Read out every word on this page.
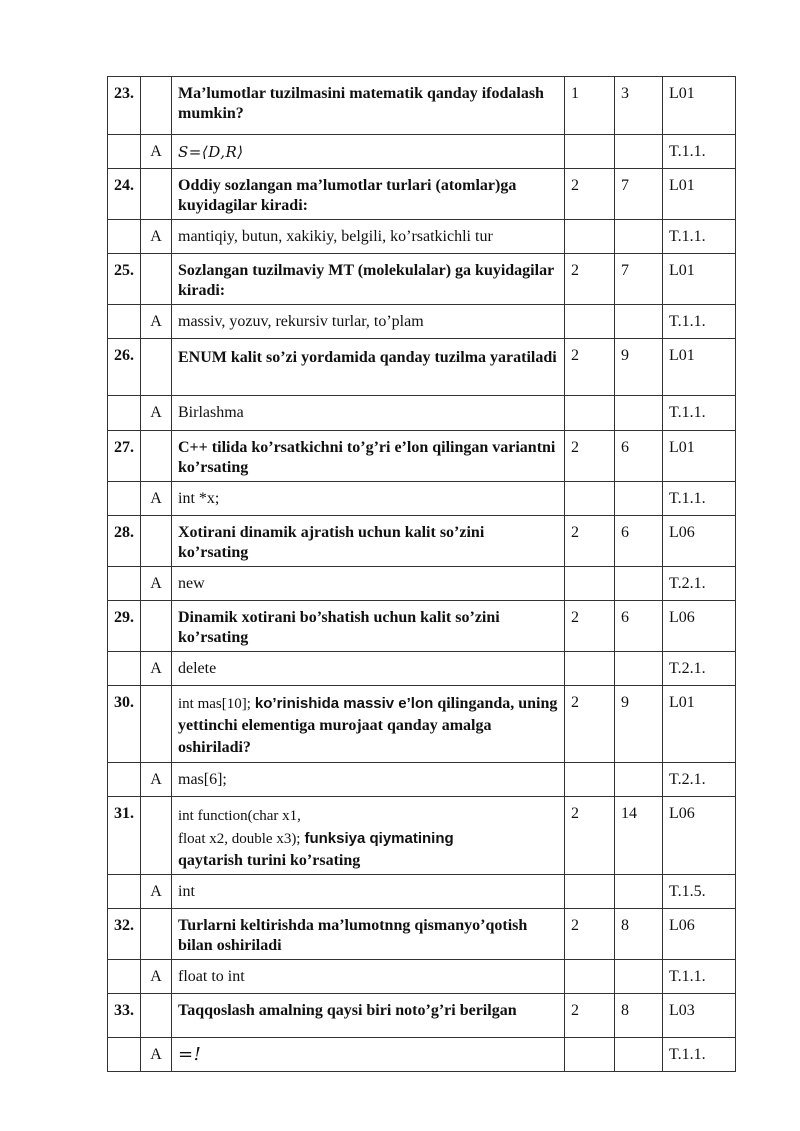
23.		Ma’lumotlar tuzilmasini matematik qanday ifodalash mumkin?	1	3	L01
	A	S=⟨D,R⟩			T.1.1.
24.		Oddiy sozlangan ma’lumotlar turlari (atomlar)ga kuyidagilar kiradi:	2	7	L01
	A	mantiqiy, butun, xakikiy, belgili, ko’rsatkichli tur			T.1.1.
25.		Sozlangan tuzilmaviy MT (molekulalar) ga kuyidagilar kiradi:	2	7	L01
	A	massiv, yozuv, rekursiv turlar, to’plam			T.1.1.
26.		ENUM kalit so’zi yordamida qanday tuzilma yaratiladi	2	9	L01
	A	Birlashma			T.1.1.
27.		C++ tilida ko’rsatkichni to’g’ri e’lon qilingan variantni ko’rsating	2	6	L01
	A	int *x;			T.1.1.
28.		Xotirani dinamik ajratish uchun kalit so’zini ko’rsating	2	6	L06
	A	new			T.2.1.
29.		Dinamik xotirani bo’shatish uchun kalit so’zini ko’rsating	2	6	L06
	A	delete			T.2.1.
30.		int mas[10]; ko’rinishida massiv e’lon qilinganda, uning yettinchi elementiga murojaat qanday amalga oshiriladi?	2	9	L01
	A	mas[6];			T.2.1.
31.		int function(char x1,
float x2, double x3); funksiya qiymatining
qaytarish turini ko’rsating	2	14	L06
	A	int			T.1.5.
32.		Turlarni keltirishda ma’lumotnng qismanyo’qotish bilan oshiriladi	2	8	L06
	A	float to int			T.1.1.
33.		Taqqoslash amalning qaysi biri noto’g’ri berilgan	2	8	L03
	A	=!			T.1.1.
